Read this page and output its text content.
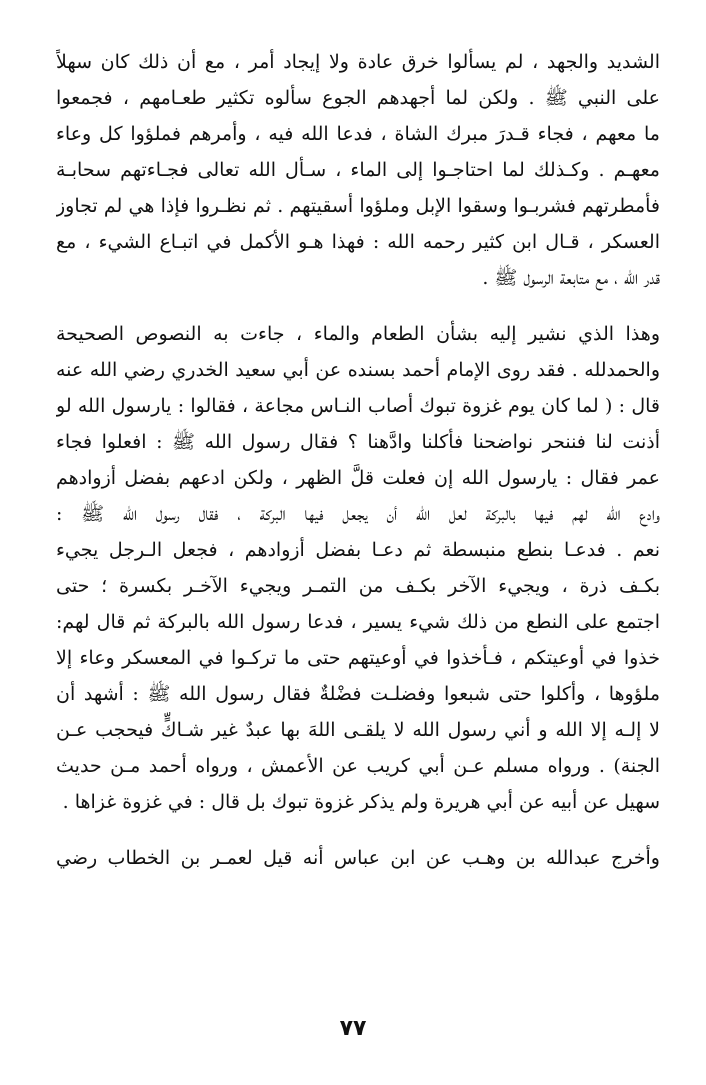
الشديد والجهد ، لم يسألوا خرق عادة ولا إيجاد أمر ، مع أن ذلك كان سهلاً
على النبي ﷺ . ولكن لما أجهدهم الجوع سألوه تكثير طعـامهم ، فجمعوا
ما معهم ، فجاء قـدرَ مبرك الشاة ، فدعا الله فيه ، وأمرهم فملؤوا كل وعاء
معهـم . وكـذلك لما احتاجـوا إلى الماء ، سـأل الله تعالى فجـاءتهم سحابـة
فأمطرتهم فشربـوا وسقوا الإبل وملؤوا أسقيتهم . ثم نظـروا فإذا هي لم تجاوز
العسكر ، قـال ابن كثير رحمه الله : فهذا هـو الأكمل في اتبـاع الشيء ، مع
قدر الله ، مع متابعة الرسول ﷺ .

وهذا الذي نشير إليه بشأن الطعام والماء ، جاءت به النصوص الصحيحة
والحمدلله . فقد روى الإمام أحمد بسنده عن أبي سعيد الخدري رضي الله عنه
قال : ( لما كان يوم غزوة تبوك أصاب النـاس مجاعة ، فقالوا : يارسول الله لو
أذنت لنا فننحر نواضحنا فأكلنا وادَّهنا ؟ فقال رسول الله ﷺ : افعلوا فجاء
عمر فقال : يارسول الله إن فعلت قلَّ الظهر ، ولكن ادعهم بفضل أزوادهم
وادع الله لهم فيها بالبركة لعل الله أن يجعل فيها البركة ، فقال رسول الله ﷺ :
نعم . فدعـا بنطع منبسطة ثم دعـا بفضل أزوادهم ، فجعل الـرجل يجيء
بكـف ذرة ، ويجيء الآخر بكـف من التمـر ويجيء الآخـر بكسرة ؛ حتى
اجتمع على النطع من ذلك شيء يسير ، فدعا رسول الله بالبركة ثم قال لهم:
خذوا في أوعيتكم ، فـأخذوا في أوعيتهم حتى ما تركـوا في المعسكر وعاء إلا
ملؤوها ، وأكلوا حتى شبعوا وفضلـت فضْلةٌ فقال رسول الله ﷺ : أشهد أن
لا إلـه إلا الله و أني رسول الله لا يلقـى اللهَ بها عبدٌ غير شـاكٍّ فيحجب عـن
الجنة) . ورواه مسلم عـن أبي كريب عن الأعمش ، ورواه أحمد مـن حديث
سهيل عن أبيه عن أبي هريرة ولم يذكر غزوة تبوك بل قال : في غزوة غزاها .

وأخرج عبدالله بن وهـب عن ابن عباس أنه قيل لعمـر بن الخطاب رضي

٧٧
